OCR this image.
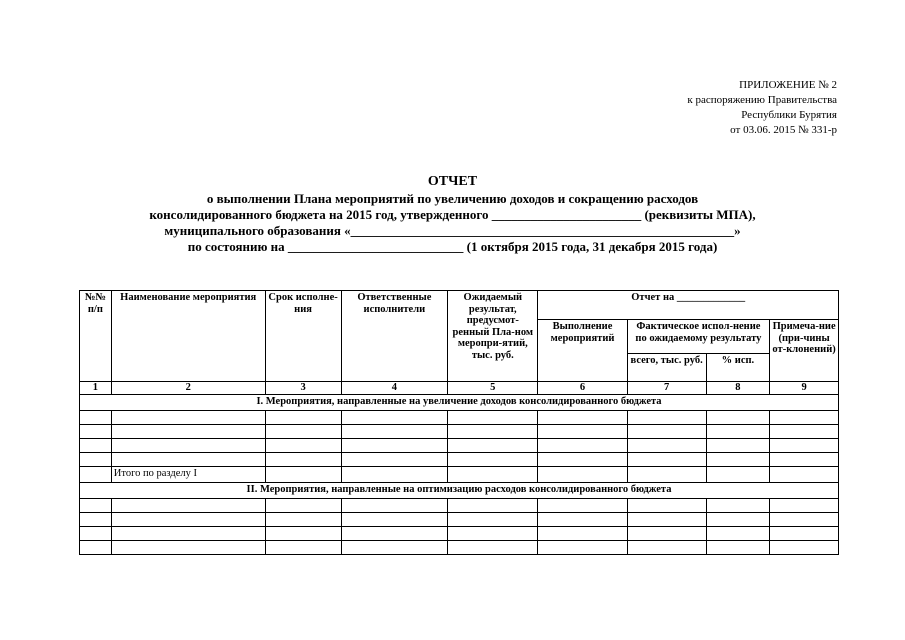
ПРИЛОЖЕНИЕ № 2
к распоряжению Правительства
Республики Бурятия
от 03.06. 2015 № 331-р
ОТЧЕТ
о выполнении Плана мероприятий по увеличению доходов и сокращению расходов
консолидированного бюджета на 2015 год, утвержденного _______________________ (реквизиты МПА),
муниципального образования «___________________________________________________________»
по состоянию на ___________________________ (1 октября 2015 года, 31 декабря 2015 года)
№№ п/п	Наименование мероприятия	Срок исполне-ния	Ответственные исполнители	Ожидаемый результат, предусмот-ренный Пла-ном меропри-ятий, тыс. руб.	Отчет на _____________			
					Выполнение мероприятий	Фактическое испол-нение по ожидаемому результату		Примеча-ние (при-чины от-клонений)
						всего, тыс. руб.	% исп.	
1	2	3	4	5	6	7	8	9
I. Мероприятия, направленные на увеличение доходов консолидированного бюджета								

	Итого по разделу I							
II. Мероприятия, направленные на оптимизацию расходов консолидированного бюджета								
